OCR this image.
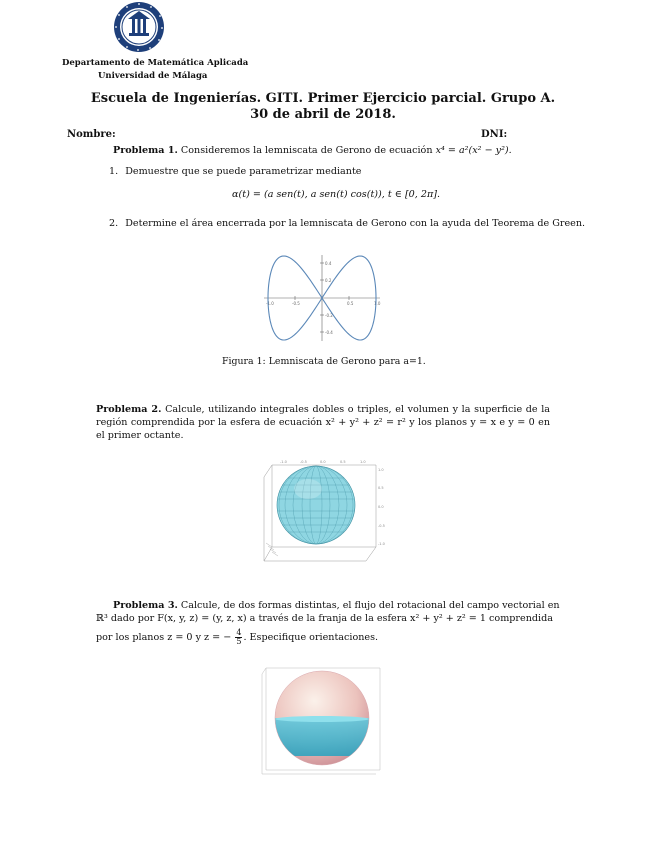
Departamento de Matemática Aplicada
Universidad de Málaga
Escuela de Ingenierías. GITI. Primer Ejercicio parcial. Grupo A. 30 de abril de 2018.
Nombre:	DNI:
Problema 1. Consideremos la lemniscata de Gerono de ecuación x⁴ = a²(x² − y²).
1. Demuestre que se puede parametrizar mediante
α(t) = (a sen(t), a sen(t) cos(t)), t ∈ [0, 2π].
2. Determine el área encerrada por la lemniscata de Gerono con la ayuda del Teorema de Green.
-1.0	-0.5	0.5	1.0
0.4
0.2
-0.2
-0.4
Figura 1: Lemniscata de Gerono para a=1.
Problema 2. Calcule, utilizando integrales dobles o triples, el volumen y la superficie de la región comprendida por la esfera de ecuación x² + y² + z² = r² y los planos y = x e y = 0 en el primer octante.
-1.0	-0.5	0.0	0.5	1.0
1.0
0.5
0.0
-0.5
-1.0
Problema 3. Calcule, de dos formas distintas, el flujo del rotacional del campo vectorial en
ℝ³ dado por F(x, y, z) = (y, z, x) a través de la franja de la esfera x² + y² + z² = 1 comprendida
por los planos z = 0 y z = − $\frac{4}{5}$ . Especifique orientaciones.
